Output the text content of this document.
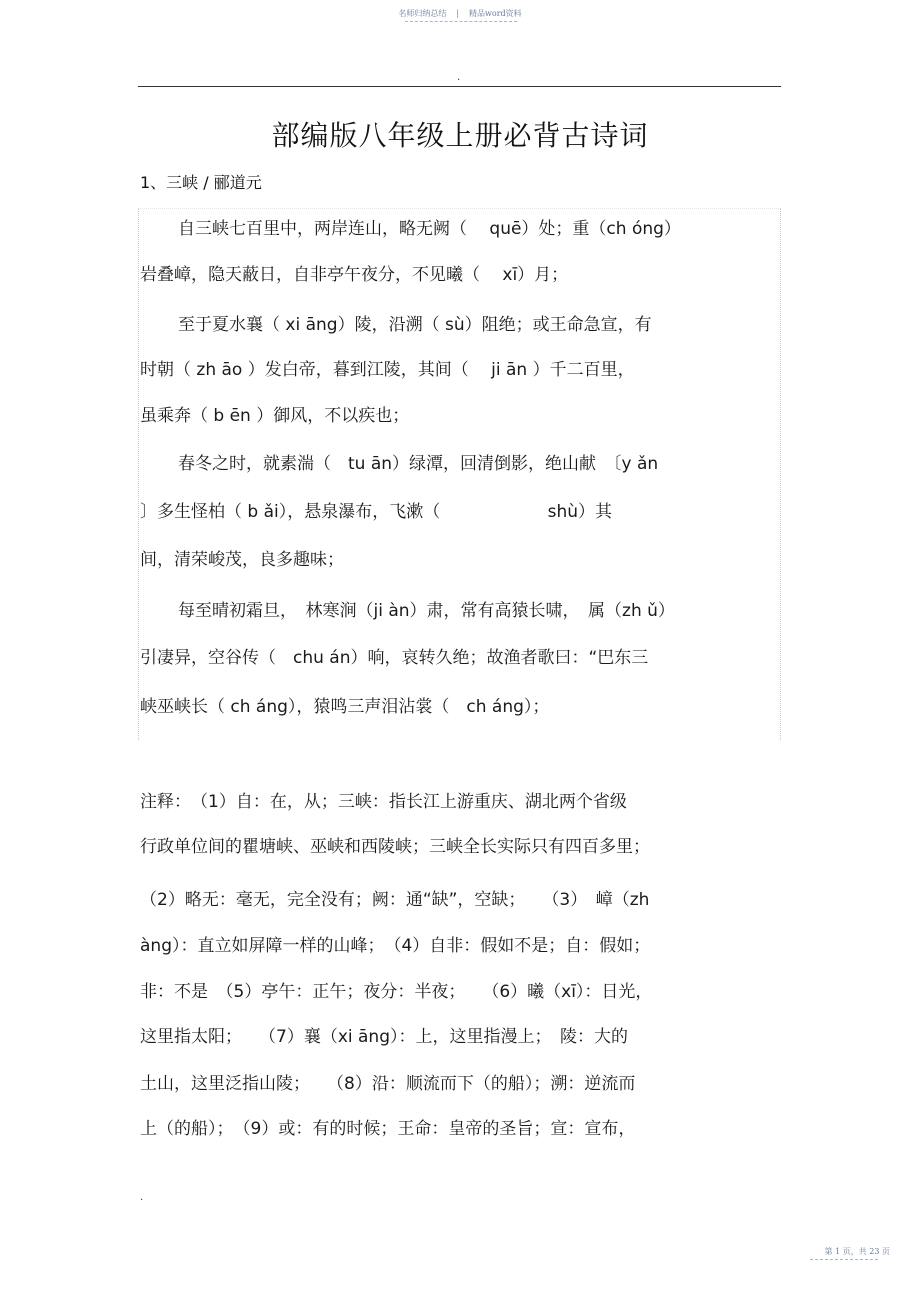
名师归纳总结 | 精品word资料
.
部编版八年级上册必背古诗词
1、三峡 / 郦道元
自三峡七百里中，两岸连山，略无阙（　 quē）处；重（ch óng）
岩叠嶂，隐天蔽日，自非亭午夜分，不见曦（　 xī）月；
至于夏水襄（ xi āng）陵，沿溯（ sù）阻绝；或王命急宣，有
时朝（ zh āo ）发白帝，暮到江陵，其间（　 ji ān ）千二百里，
虽乘奔（ b ēn ）御风，不以疾也；
春冬之时，就素湍（　tu ān）绿潭，回清倒影，绝山献　〔y ǎn
〕多生怪柏（ b ǎi），悬泉瀑布，飞漱（　　　　　　 shù）其
间，清荣峻茂，良多趣味；
每至晴初霜旦，　林寒涧（ji àn）肃，常有高猿长啸，　属（zh ǔ）
引凄异，空谷传（　chu án）响，哀转久绝；故渔者歌曰：“巴东三
峡巫峡长（ ch áng），猿鸣三声泪沾裳（　ch áng）；
注释：　（1）自：在，从；三峡：指长江上游重庆、湖北两个省级
行政单位间的瞿塘峡、巫峡和西陵峡；三峡全长实际只有四百多里；
（2）略无：毫无，完全没有；阙：通“缺”，空缺；　　（3）　嶂（zh
àng）：直立如屏障一样的山峰；　（4）自非：假如不是；自：假如；
非：不是　（5）亭午：正午；夜分：半夜；　　（6）曦（xī）：日光，
这里指太阳；　　（7）襄（xi āng）：上，这里指漫上；　陵：大的
土山，这里泛指山陵；　　（8）沿：顺流而下（的船）；溯：逆流而
上（的船）；　（9）或：有的时候；王命：皇帝的圣旨；宣：宣布，
.
第 1 页，共 23 页
